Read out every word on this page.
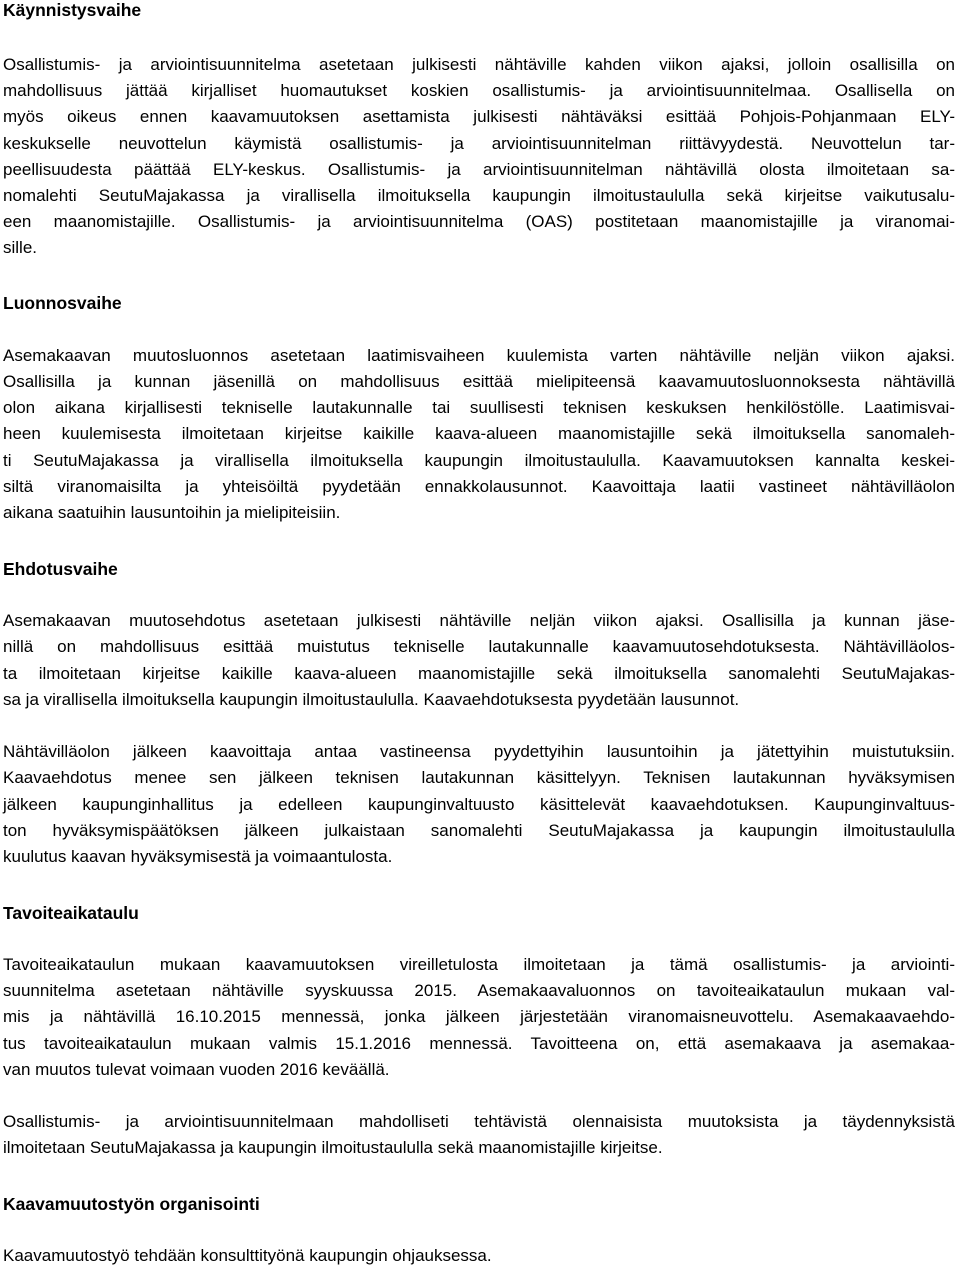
Käynnistysvaihe
Osallistumis- ja arviointisuunnitelma asetetaan julkisesti nähtäville kahden viikon ajaksi, jolloin osallisilla on
mahdollisuus jättää kirjalliset huomautukset koskien osallistumis- ja arviointisuunnitelmaa. Osallisella on
myös oikeus ennen kaavamuutoksen asettamista julkisesti nähtäväksi esittää Pohjois-Pohjanmaan ELY-
keskukselle neuvottelun käymistä osallistumis- ja arviointisuunnitelman riittävyydestä. Neuvottelun tar-
peellisuudesta päättää ELY-keskus. Osallistumis- ja arviointisuunnitelman nähtävillä olosta ilmoitetaan sa-
nomalehti SeutuMajakassa ja virallisella ilmoituksella kaupungin ilmoitustaululla sekä kirjeitse vaikutusalu-
een maanomistajille. Osallistumis- ja arviointisuunnitelma (OAS) postitetaan maanomistajille ja viranomai-
sille.
Luonnosvaihe
Asemakaavan muutosluonnos asetetaan laatimisvaiheen kuulemista varten nähtäville neljän viikon ajaksi.
Osallisilla ja kunnan jäsenillä on mahdollisuus esittää mielipiteensä kaavamuutosluonnoksesta nähtävillä
olon aikana kirjallisesti tekniselle lautakunnalle tai suullisesti teknisen keskuksen henkilöstölle. Laatimisvai-
heen kuulemisesta ilmoitetaan kirjeitse kaikille kaava-alueen maanomistajille sekä ilmoituksella sanomaleh-
ti SeutuMajakassa ja virallisella ilmoituksella kaupungin ilmoitustaululla. Kaavamuutoksen kannalta keskei-
siltä viranomaisilta ja yhteisöiltä pyydetään ennakkolausunnot. Kaavoittaja laatii vastineet nähtävilläolon
aikana saatuihin lausuntoihin ja mielipiteisiin.
Ehdotusvaihe
Asemakaavan muutosehdotus asetetaan julkisesti nähtäville neljän viikon ajaksi. Osallisilla ja kunnan jäse-
nillä on mahdollisuus esittää muistutus tekniselle lautakunnalle kaavamuutosehdotuksesta. Nähtävilläolos-
ta ilmoitetaan kirjeitse kaikille kaava-alueen maanomistajille sekä ilmoituksella sanomalehti SeutuMajakas-
sa ja virallisella ilmoituksella kaupungin ilmoitustaululla. Kaavaehdotuksesta pyydetään lausunnot.
Nähtävilläolon jälkeen kaavoittaja antaa vastineensa pyydettyihin lausuntoihin ja jätettyihin muistutuksiin.
Kaavaehdotus menee sen jälkeen teknisen lautakunnan käsittelyyn. Teknisen lautakunnan hyväksymisen
jälkeen kaupunginhallitus ja edelleen kaupunginvaltuusto käsittelevät kaavaehdotuksen. Kaupunginvaltuus-
ton hyväksymispäätöksen jälkeen julkaistaan sanomalehti SeutuMajakassa ja kaupungin ilmoitustaululla
kuulutus kaavan hyväksymisestä ja voimaantulosta.
Tavoiteaikataulu
Tavoiteaikataulun mukaan kaavamuutoksen vireilletulosta ilmoitetaan ja tämä osallistumis- ja arviointi-
suunnitelma asetetaan nähtäville syyskuussa 2015. Asemakaavaluonnos on tavoiteaikataulun mukaan val-
mis ja nähtävillä 16.10.2015 mennessä, jonka jälkeen järjestetään viranomaisneuvottelu. Asemakaavaehdo-
tus tavoiteaikataulun mukaan valmis 15.1.2016 mennessä. Tavoitteena on, että asemakaava ja asemakaa-
van muutos tulevat voimaan vuoden 2016 keväällä.
Osallistumis- ja arviointisuunnitelmaan mahdolliseti tehtävistä olennaisista muutoksista ja täydennyksistä
ilmoitetaan SeutuMajakassa ja kaupungin ilmoitustaululla sekä maanomistajille kirjeitse.
Kaavamuutostyön organisointi
Kaavamuutostyö tehdään konsulttityönä kaupungin ohjauksessa.
